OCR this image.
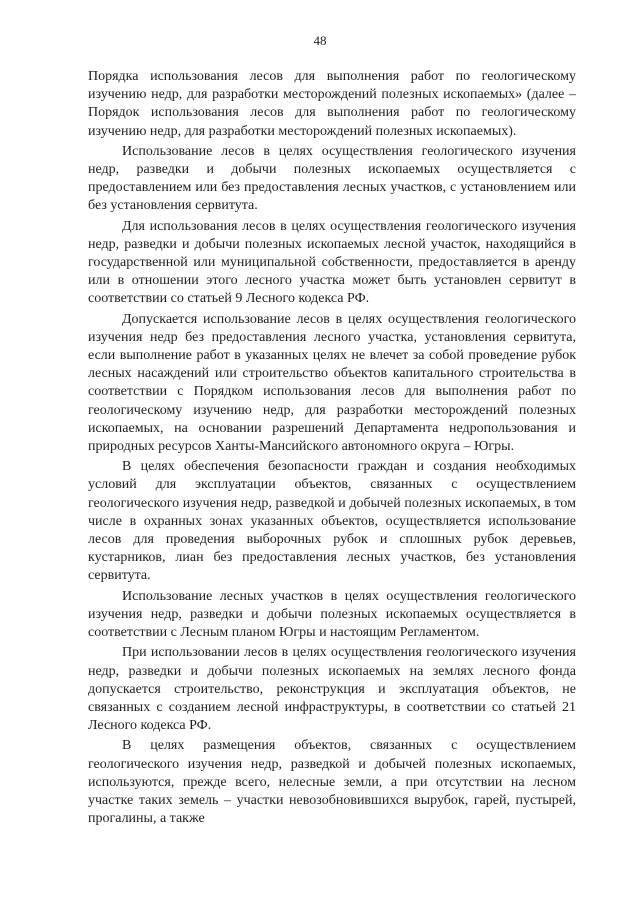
48

Порядка использования лесов для выполнения работ по геологическому изучению недр, для разработки месторождений полезных ископаемых» (далее – Порядок использования лесов для выполнения работ по геологическому изучению недр, для разработки месторождений полезных ископаемых).

Использование лесов в целях осуществления геологического изучения недр, разведки и добычи полезных ископаемых осуществляется с предоставлением или без предоставления лесных участков, с установлением или без установления сервитута.

Для использования лесов в целях осуществления геологического изучения недр, разведки и добычи полезных ископаемых лесной участок, находящийся в государственной или муниципальной собственности, предоставляется в аренду или в отношении этого лесного участка может быть установлен сервитут в соответствии со статьей 9 Лесного кодекса РФ.

Допускается использование лесов в целях осуществления геологического изучения недр без предоставления лесного участка, установления сервитута, если выполнение работ в указанных целях не влечет за собой проведение рубок лесных насаждений или строительство объектов капитального строительства в соответствии с Порядком использования лесов для выполнения работ по геологическому изучению недр, для разработки месторождений полезных ископаемых, на основании разрешений Департамента недропользования и природных ресурсов Ханты-Мансийского автономного округа – Югры.

В целях обеспечения безопасности граждан и создания необходимых условий для эксплуатации объектов, связанных с осуществлением геологического изучения недр, разведкой и добычей полезных ископаемых, в том числе в охранных зонах указанных объектов, осуществляется использование лесов для проведения выборочных рубок и сплошных рубок деревьев, кустарников, лиан без предоставления лесных участков, без установления сервитута.

Использование лесных участков в целях осуществления геологического изучения недр, разведки и добычи полезных ископаемых осуществляется в соответствии с Лесным планом Югры и настоящим Регламентом.

При использовании лесов в целях осуществления геологического изучения недр, разведки и добычи полезных ископаемых на землях лесного фонда допускается строительство, реконструкция и эксплуатация объектов, не связанных с созданием лесной инфраструктуры, в соответствии со статьей 21 Лесного кодекса РФ.

В целях размещения объектов, связанных с осуществлением геологического изучения недр, разведкой и добычей полезных ископаемых, используются, прежде всего, нелесные земли, а при отсутствии на лесном участке таких земель – участки невозобновившихся вырубок, гарей, пустырей, прогалины, а также
